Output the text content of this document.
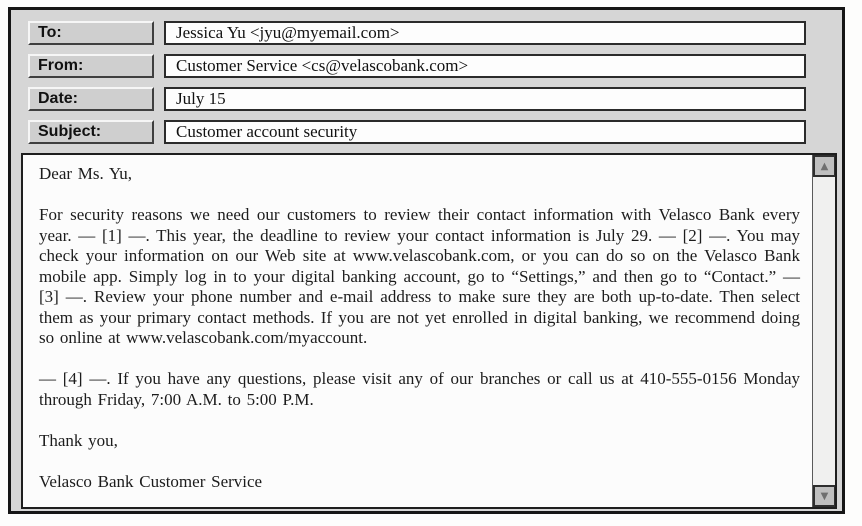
To:	Jessica Yu <jyu@myemail.com>
From:	Customer Service <cs@velascobank.com>
Date:	July 15
Subject:	Customer account security

Dear Ms. Yu,

For security reasons we need our customers to review their contact information with Velasco Bank every year. — [1] —. This year, the deadline to review your contact information is July 29. — [2] —. You may check your information on our Web site at www.velascobank.com, or you can do so on the Velasco Bank mobile app. Simply log in to your digital banking account, go to “Settings,” and then go to “Contact.” — [3] —. Review your phone number and e-mail address to make sure they are both up-to-date. Then select them as your primary contact methods. If you are not yet enrolled in digital banking, we recommend doing so online at www.velascobank.com/myaccount.

— [4] —. If you have any questions, please visit any of our branches or call us at 410-555-0156 Monday through Friday, 7:00 A.M. to 5:00 P.M.

Thank you,

Velasco Bank Customer Service

▲
▼
